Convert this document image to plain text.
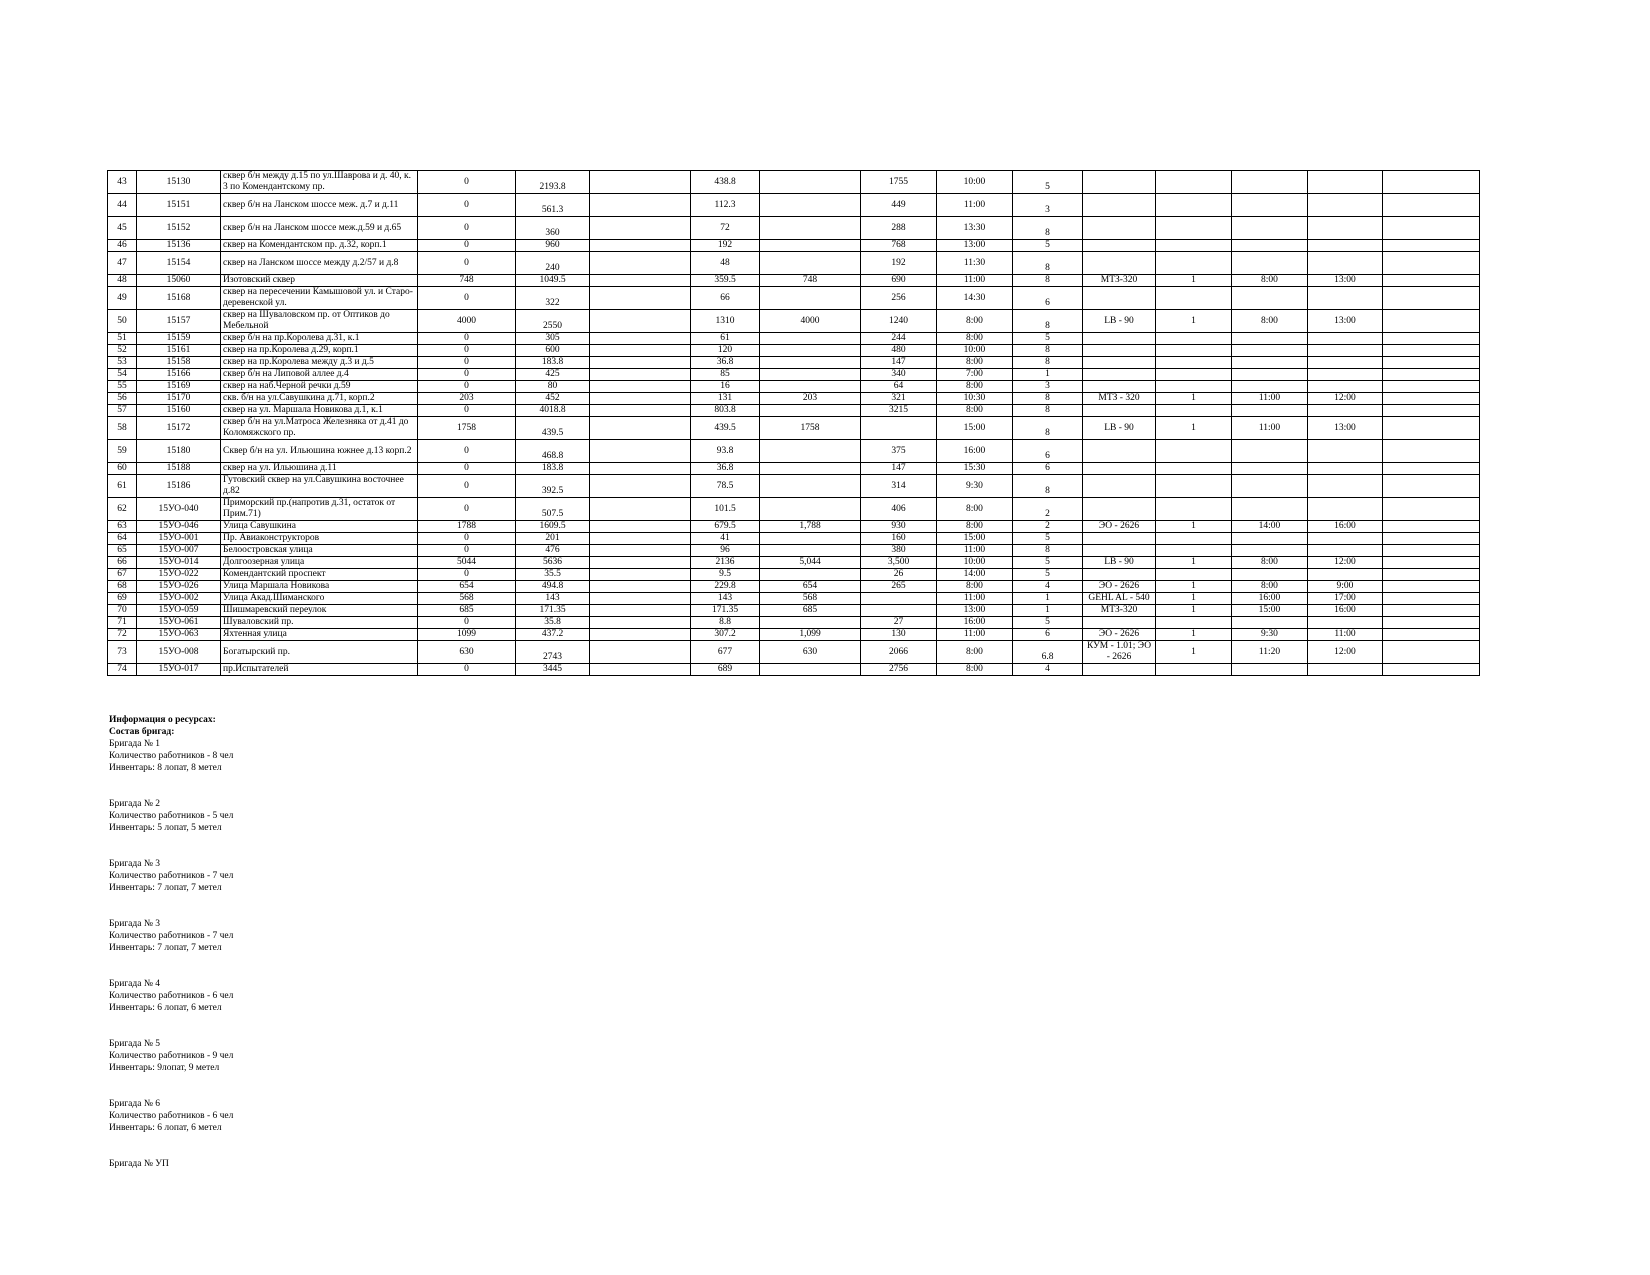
43	15130	сквер б/н между д.15 по ул.Шаврова и д. 40, к. 3 по Комендантскому пр.	0	2193.8		438.8		1755	10:00	5					
44	15151	сквер б/н на Ланском шоссе меж. д.7 и д.11	0	561.3		112.3		449	11:00	3					
45	15152	сквер б/н на Ланском шоссе меж.д.59 и д.65	0	360		72		288	13:30	8					
46	15136	сквер на Комендантском пр. д.32, корп.1	0	960		192		768	13:00	5					
47	15154	сквер на Ланском шоссе между д.2/57 и д.8	0	240		48		192	11:30	8					
48	15060	Изотовский сквер	748	1049.5		359.5	748	690	11:00	8	МТЗ-320	1	8:00	13:00	
49	15168	сквер на пересечении Камышовой ул. и Старо-деревенской ул.	0	322		66		256	14:30	6					
50	15157	сквер на Шуваловском пр. от Оптиков до Мебельной	4000	2550		1310	4000	1240	8:00	8	LB - 90	1	8:00	13:00	
51	15159	сквер б/н на пр.Королева д.31, к.1	0	305		61		244	8:00	5					
52	15161	сквер на пр.Королева д.29, корп.1	0	600		120		480	10:00	8					
53	15158	сквер на пр.Королева между д.3 и д.5	0	183.8		36.8		147	8:00	8					
54	15166	сквер б/н на Липовой аллее д.4	0	425		85		340	7:00	1					
55	15169	сквер на наб.Черной речки д.59	0	80		16		64	8:00	3					
56	15170	скв. б/н на ул.Савушкина д.71, корп.2	203	452		131	203	321	10:30	8	МТЗ - 320	1	11:00	12:00	
57	15160	сквер на ул. Маршала Новикова д.1, к.1	0	4018.8		803.8		3215	8:00	8					
58	15172	сквер б/н на ул.Матроса Железняка от д.41 до Коломяжского пр.	1758	439.5		439.5	1758		15:00	8	LB - 90	1	11:00	13:00	
59	15180	Сквер б/н на ул. Ильюшина южнее д.13 корп.2	0	468.8		93.8		375	16:00	6					
60	15188	сквер на ул. Ильюшина д.11	0	183.8		36.8		147	15:30	6					
61	15186	Гутовский сквер на ул.Савушкина восточнее д.82	0	392.5		78.5		314	9:30	8					
62	15УО-040	Приморский пр.(напротив д.31, остаток от Прим.71)	0	507.5		101.5		406	8:00	2					
63	15УО-046	Улица Савушкина	1788	1609.5		679.5	1,788	930	8:00	2	ЭО - 2626	1	14:00	16:00	
64	15УО-001	Пр. Авиаконструкторов	0	201		41		160	15:00	5					
65	15УО-007	Белоостровская улица	0	476		96		380	11:00	8					
66	15УО-014	Долгоозерная улица	5044	5636		2136	5,044	3,500	10:00	5	LB - 90	1	8:00	12:00	
67	15УО-022	Комендантский проспект	0	35.5		9.5		26	14:00	5					
68	15УО-026	Улица Маршала Новикова	654	494.8		229.8	654	265	8:00	4	ЭО - 2626	1	8:00	9:00	
69	15УО-002	Улица Акад.Шиманского	568	143		143	568		11:00	1	GEHL AL - 540	1	16:00	17:00	
70	15УО-059	Шишмаревский переулок	685	171.35		171.35	685		13:00	1	МТЗ-320	1	15:00	16:00	
71	15УО-061	Шуваловский пр.	0	35.8		8.8		27	16:00	5					
72	15УО-063	Яхтенная улица	1099	437.2		307.2	1,099	130	11:00	6	ЭО - 2626	1	9:30	11:00	
73	15УО-008	Богатырский пр.	630	2743		677	630	2066	8:00	6.8	КУМ - 1.01; ЭО - 2626	1	11:20	12:00	
74	15УО-017	пр.Испытателей	0	3445		689		2756	8:00	4					
Информация о ресурсах:
Состав бригад:
Бригада № 1
Количество работников - 8 чел
Инвентарь: 8 лопат, 8 метел
Бригада № 2
Количество работников - 5 чел
Инвентарь: 5 лопат, 5 метел
Бригада № 3
Количество работников - 7 чел
Инвентарь: 7 лопат, 7 метел
Бригада № 3
Количество работников - 7 чел
Инвентарь: 7 лопат, 7 метел
Бригада № 4
Количество работников - 6 чел
Инвентарь: 6 лопат, 6 метел
Бригада № 5
Количество работников - 9 чел
Инвентарь: 9лопат, 9 метел
Бригада № 6
Количество работников - 6 чел
Инвентарь: 6 лопат, 6 метел
Бригада № УП
